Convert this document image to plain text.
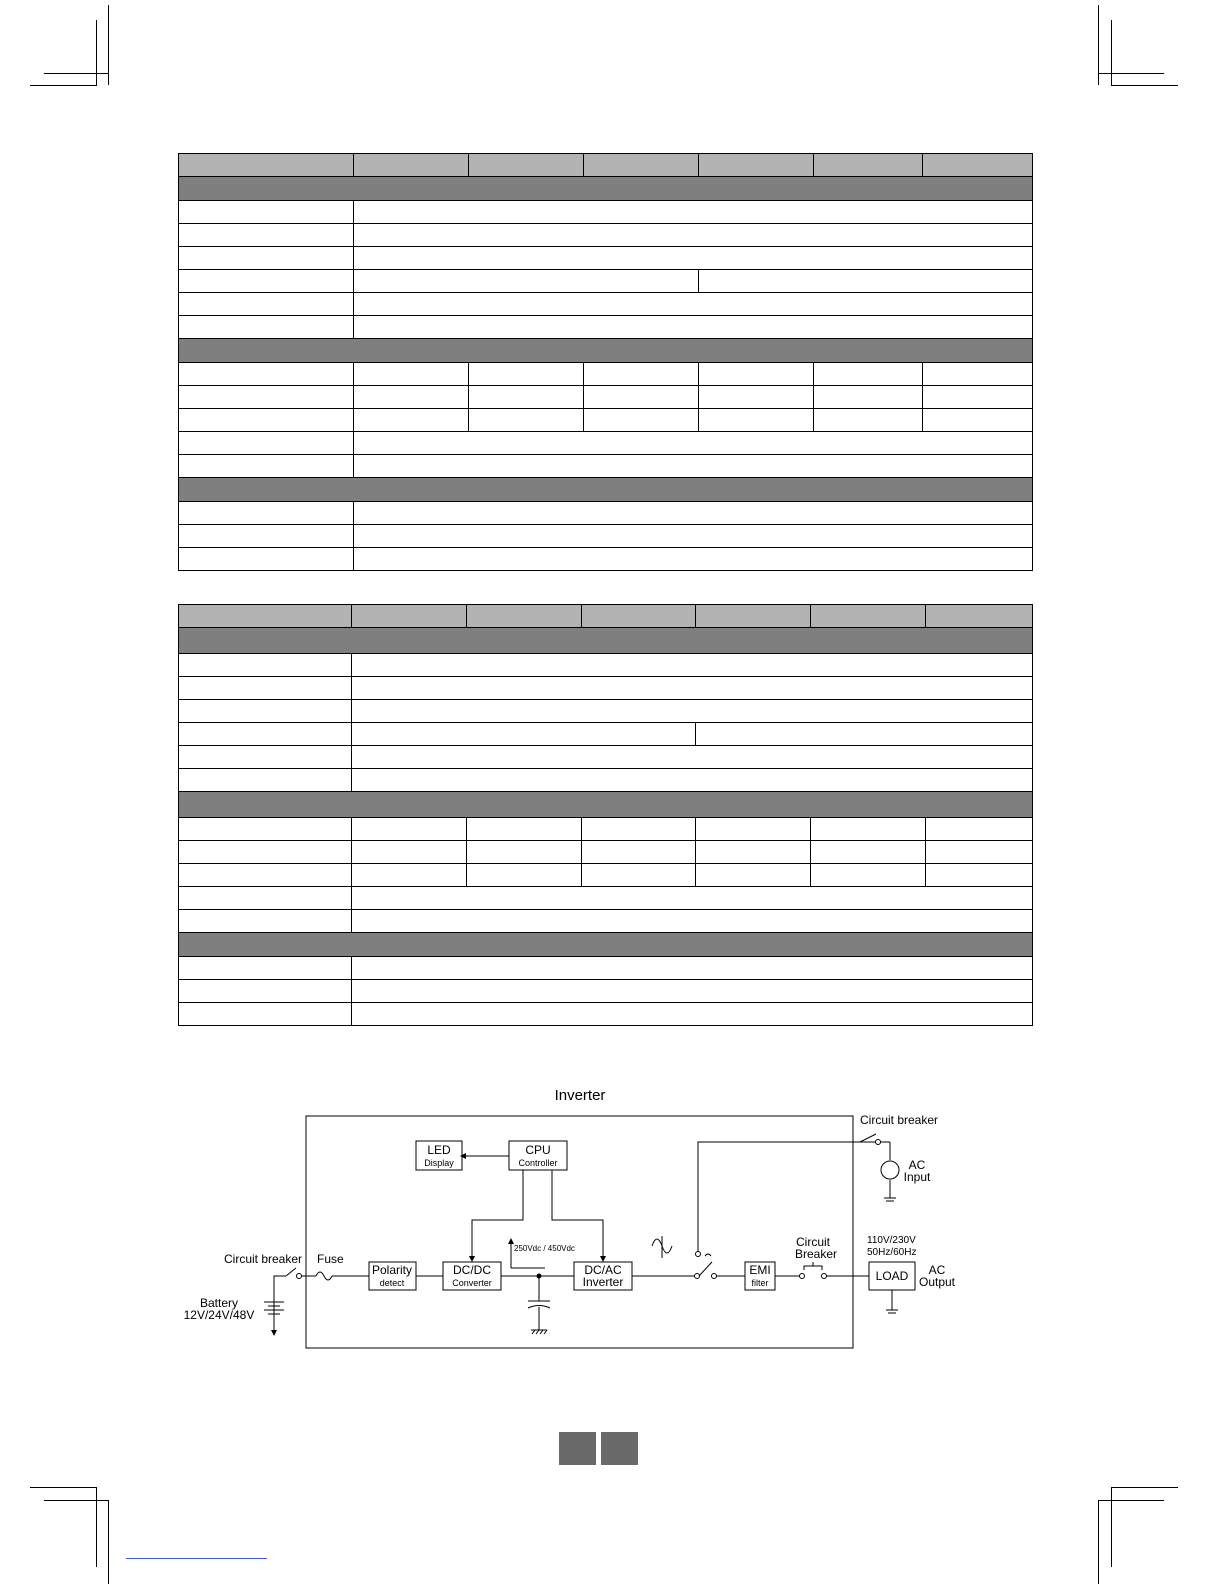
Inverter
LED
Display
CPU
Controller
250Vdc / 450Vdc
Polarity
detect
DC/DC
Converter
DC/AC
Inverter
EMI
filter
Fuse
Circuit breaker
Battery
12V/24V/48V
Circuit breaker
AC
Input
Circuit
Breaker
110V/230V
50Hz/60Hz
LOAD AC
Output
